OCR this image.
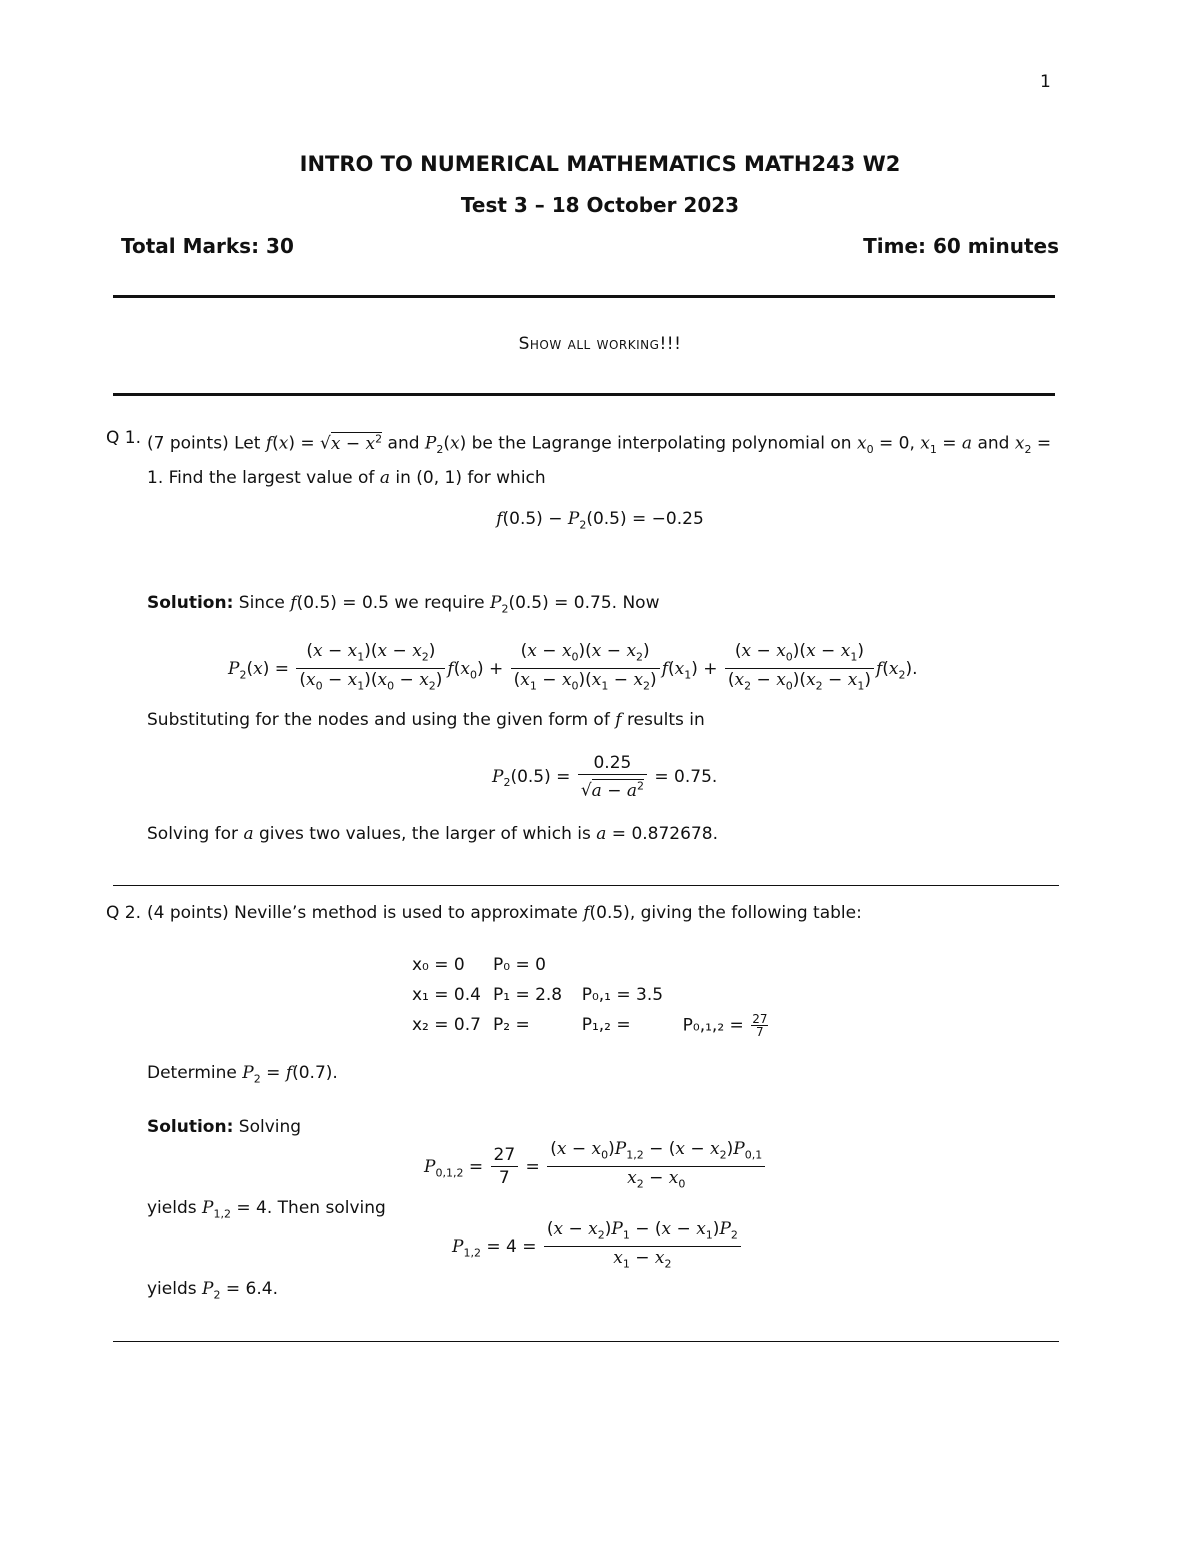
1
INTRO TO NUMERICAL MATHEMATICS MATH243 W2
Test 3 – 18 October 2023
Total Marks: 30	Time: 60 minutes
Show all working!!!
Q 1. (7 points) Let $f(x) = √x - x^2$ and $P_2(x)$ be the Lagrange interpolating polynomial on $x_0 = 0$, $x_1 = a$ and $x_2 = 1$. Find the largest value of a in (0, 1) for which
$f(0.5) - P_2(0.5) = -0.25$
Solution: Since f(0.5) = 0.5 we require $P_2(0.5) = 0.75$. Now
$P_2(x) = \frac{(x - x_1)(x - x_2)}{(x_0 - x_1)(x_0 - x_2)} f(x_0) + \frac{(x - x_0)(x - x_2)}{(x_1 - x_0)(x_1 - x_2)} f(x_1) + \frac{(x - x_0)(x - x_1)}{(x_2 - x_0)(x_2 - x_1)} f(x_2)$.
Substituting for the nodes and using the given form of f results in
$P_2(0.5) = \frac{0.25}{√a - a^2} = 0.75$.
Solving for a gives two values, the larger of which is a = 0.872678.
Q 2. (4 points) Neville’s method is used to approximate f(0.5), giving the following table:
x₀ = 0	P₀ = 0		
x₁ = 0.4	P₁ = 2.8	P₀,₁ = 3.5	
x₂ = 0.7	P₂ =	P₁,₂ =	$P_0,_1,_2 = \frac{27}{7}$
Determine $P_2 = f(0.7)$.
Solution: Solving
$P_{0,1,2} = \frac{27}{7} = \frac{(x - x_0)P_{1,2} - (x - x_2)P_{0,1}}{x_2 - x_0}$
yields $P_{1,2} = 4$. Then solving
$P_{1,2} = 4 = \frac{(x - x_2)P_1 - (x - x_1)P_2}{x_1 - x_2}$
yields $P_2 = 6.4$.
